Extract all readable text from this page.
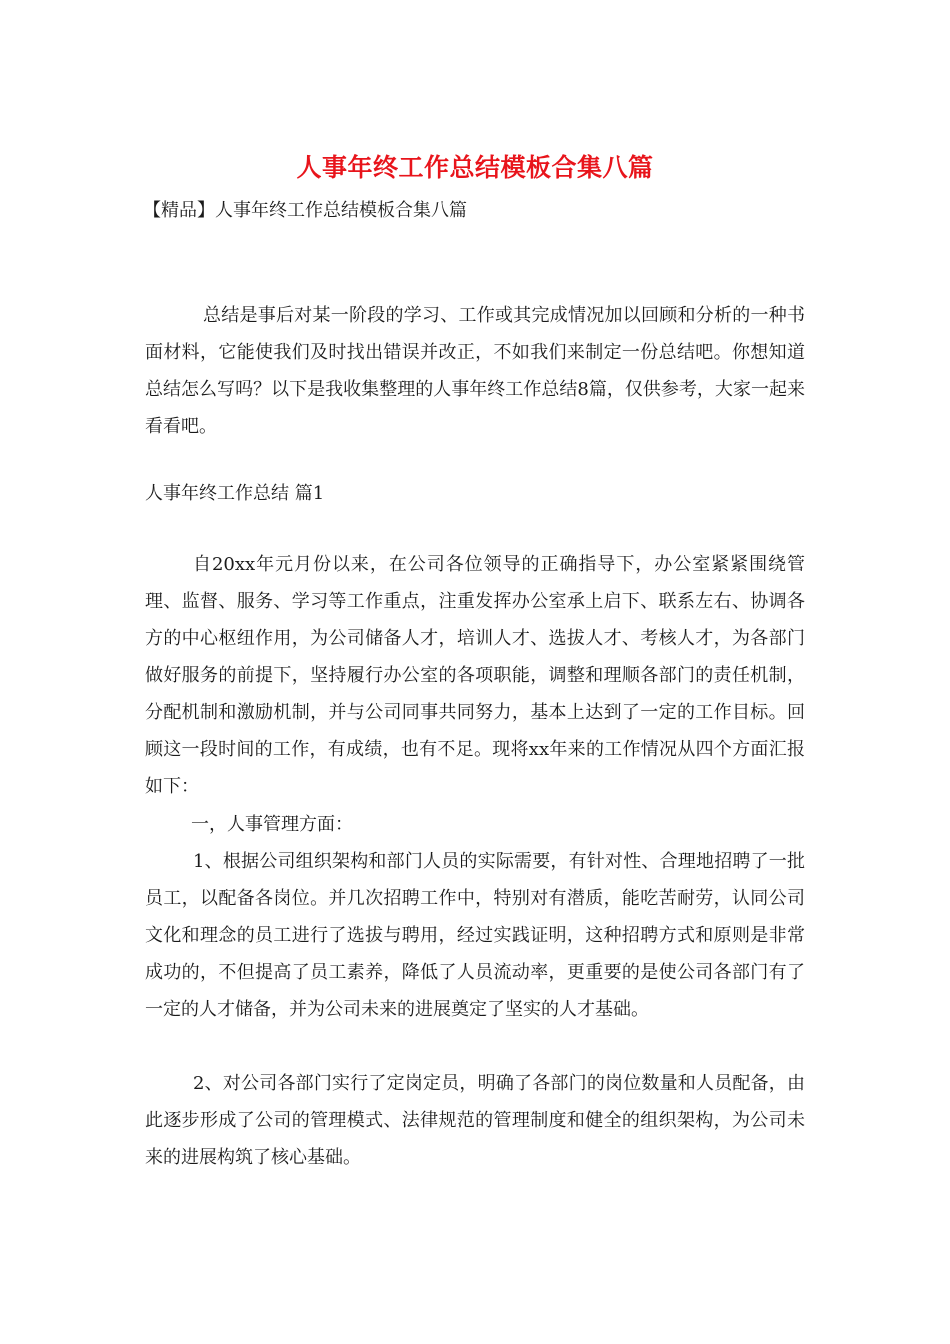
人事年终工作总结模板合集八篇
【精品】人事年终工作总结模板合集八篇
总结是事后对某一阶段的学习、工作或其完成情况加以回顾和分析的一种书面材料，它能使我们及时找出错误并改正，不如我们来制定一份总结吧。你想知道总结怎么写吗？以下是我收集整理的人事年终工作总结8篇，仅供参考，大家一起来看看吧。
人事年终工作总结 篇1
自20xx年元月份以来，在公司各位领导的正确指导下，办公室紧紧围绕管理、监督、服务、学习等工作重点，注重发挥办公室承上启下、联系左右、协调各方的中心枢纽作用，为公司储备人才，培训人才、选拔人才、考核人才，为各部门做好服务的前提下，坚持履行办公室的各项职能，调整和理顺各部门的责任机制，分配机制和激励机制，并与公司同事共同努力，基本上达到了一定的工作目标。回顾这一段时间的工作，有成绩，也有不足。现将xx年来的工作情况从四个方面汇报如下：
一，人事管理方面：
1、根据公司组织架构和部门人员的实际需要，有针对性、合理地招聘了一批员工，以配备各岗位。并几次招聘工作中，特别对有潜质，能吃苦耐劳，认同公司文化和理念的员工进行了选拔与聘用，经过实践证明，这种招聘方式和原则是非常成功的，不但提高了员工素养，降低了人员流动率，更重要的是使公司各部门有了一定的人才储备，并为公司未来的进展奠定了坚实的人才基础。
2、对公司各部门实行了定岗定员，明确了各部门的岗位数量和人员配备，由此逐步形成了公司的管理模式、法律规范的管理制度和健全的组织架构，为公司未来的进展构筑了核心基础。
